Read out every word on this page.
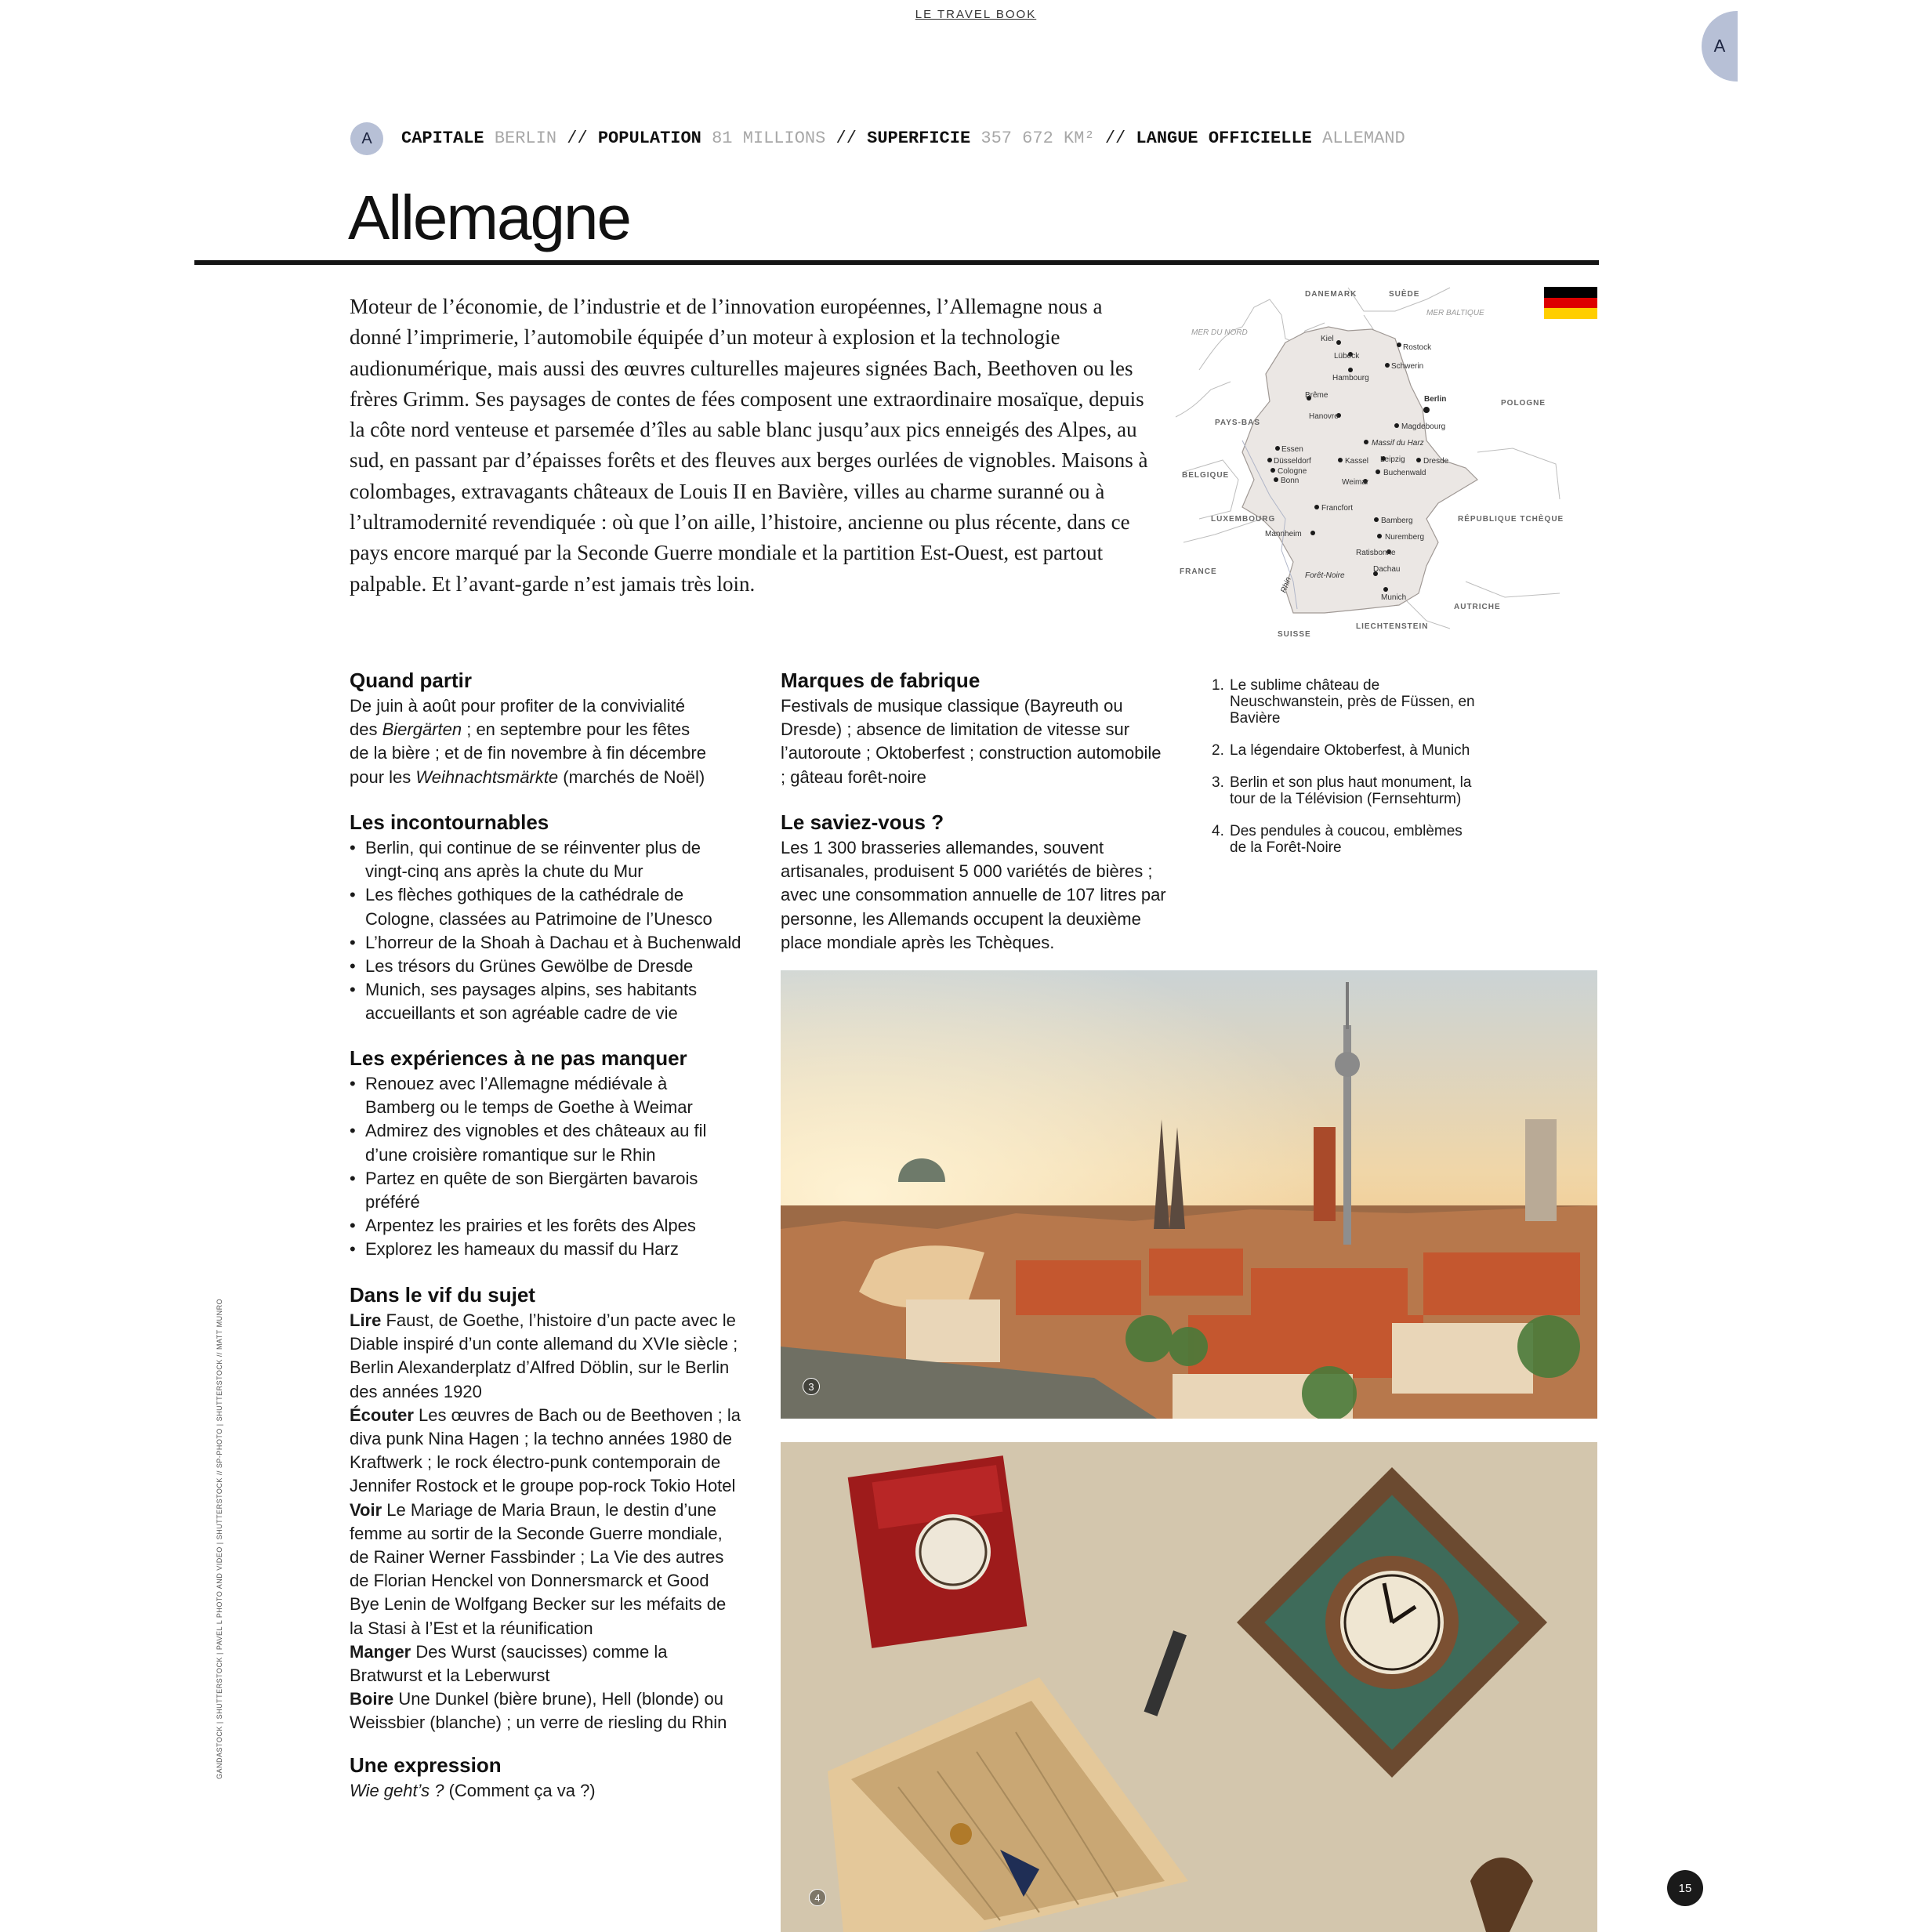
LE TRAVEL BOOK
A
A	CAPITALE BERLIN // POPULATION 81 MILLIONS // SUPERFICIE 357 672 KM² // LANGUE OFFICIELLE ALLEMAND
Allemagne
Moteur de l’économie, de l’industrie et de l’innovation européennes, l’Allemagne nous a donné l’imprimerie, l’automobile équipée d’un moteur à explosion et la technologie audionumérique, mais aussi des œuvres culturelles majeures signées Bach, Beethoven ou les frères Grimm. Ses paysages de contes de fées composent une extraordinaire mosaïque, depuis la côte nord venteuse et parsemée d’îles au sable blanc jusqu’aux pics enneigés des Alpes, au sud, en passant par d’épaisses forêts et des fleuves aux berges ourlées de vignobles. Maisons à colombages, extravagants châteaux de Louis II en Bavière, villes au charme suranné ou à l’ultramodernité revendiquée : où que l’on aille, l’histoire, ancienne ou plus récente, dans ce pays encore marqué par la Seconde Guerre mondiale et la partition Est-Ouest, est partout palpable. Et l’avant-garde n’est jamais très loin.
MER DU NORD
MER BALTIQUE
DANEMARK	SUÈDE
POLOGNE
PAYS-BAS
BELGIQUE
LUXEMBOURG	RÉPUBLIQUE TCHÈQUE
FRANCE
AUTRICHE
SUISSE
LIECHTENSTEIN
Kiel
Rostock
Lübeck
Schwerin
Hambourg
Brême	Berlin
Hanovre
Magdebourg
Massif du Harz
Essen
Düsseldorf
Cologne
Bonn
Kassel Leipzig
Buchenwald
Dresde
Weimar
Francfort
Bamberg
Mannheim	Nuremberg
Ratisbonne
Forêt-Noire
Dachau
Munich
Rhin
Quand partir

De juin à août pour profiter de la convivialité

des Biergärten ; en septembre pour les fêtes

de la bière ; et de fin novembre à fin décembre

pour les Weihnachtsmärkte (marchés de Noël)

Les incontournables
• Berlin, qui continue de se réinventer plus de vingt-cinq ans après la chute du Mur
• Les flèches gothiques de la cathédrale de Cologne, classées au Patrimoine de l’Unesco
• L’horreur de la Shoah à Dachau et à Buchenwald
• Les trésors du Grünes Gewölbe de Dresde
• Munich, ses paysages alpins, ses habitants accueillants et son agréable cadre de vie
Les expériences à ne pas manquer
• Renouez avec l’Allemagne médiévale à Bamberg ou le temps de Goethe à Weimar
• Admirez des vignobles et des châteaux au fil d’une croisière romantique sur le Rhin
• Partez en quête de son Biergärten bavarois préféré
• Arpentez les prairies et les forêts des Alpes
• Explorez les hameaux du massif du Harz
Dans le vif du sujet

Lire Faust, de Goethe, l’histoire d’un pacte avec le Diable inspiré d’un conte allemand du XVIe siècle ; Berlin Alexanderplatz d’Alfred Döblin, sur le Berlin des années 1920

Écouter Les œuvres de Bach ou de Beethoven ; la diva punk Nina Hagen ; la techno années 1980 de Kraftwerk ; le rock électro-punk contemporain de Jennifer Rostock et le groupe pop-rock Tokio Hotel

Voir Le Mariage de Maria Braun, le destin d’une femme au sortir de la Seconde Guerre mondiale, de Rainer Werner Fassbinder ; La Vie des autres de Florian Henckel von Donnersmarck et Good Bye Lenin de Wolfgang Becker sur les méfaits de la Stasi à l’Est et la réunification

Manger Des Wurst (saucisses) comme la Bratwurst et la Leberwurst

Boire Une Dunkel (bière brune), Hell (blonde) ou Weissbier (blanche) ; un verre de riesling du Rhin

Une expression

Wie geht’s ? (Comment ça va ?)

Marques de fabrique

Festivals de musique classique (Bayreuth ou Dresde) ; absence de limitation de vitesse sur l’autoroute ; Oktoberfest ; construction automobile ; gâteau forêt-noire

Le saviez-vous ?

Les 1 300 brasseries allemandes, souvent artisanales, produisent 5 000 variétés de bières ; avec une consommation annuelle de 107 litres par personne, les Allemands occupent la deuxième place mondiale après les Tchèques.

1. Le sublime château de Neuschwanstein, près de Füssen, en Bavière
2. La légendaire Oktoberfest, à Munich
3. Berlin et son plus haut monument, la tour de la Télévision (Fernsehturm)
4. Des pendules à coucou, emblèmes de la Forêt-Noire
3
4
GANDASTOCK | SHUTTERSTOCK | PAVEL L PHOTO AND VIDEO | SHUTTERSTOCK // SP-PHOTO | SHUTTERSTOCK // MATT MUNRO
15
